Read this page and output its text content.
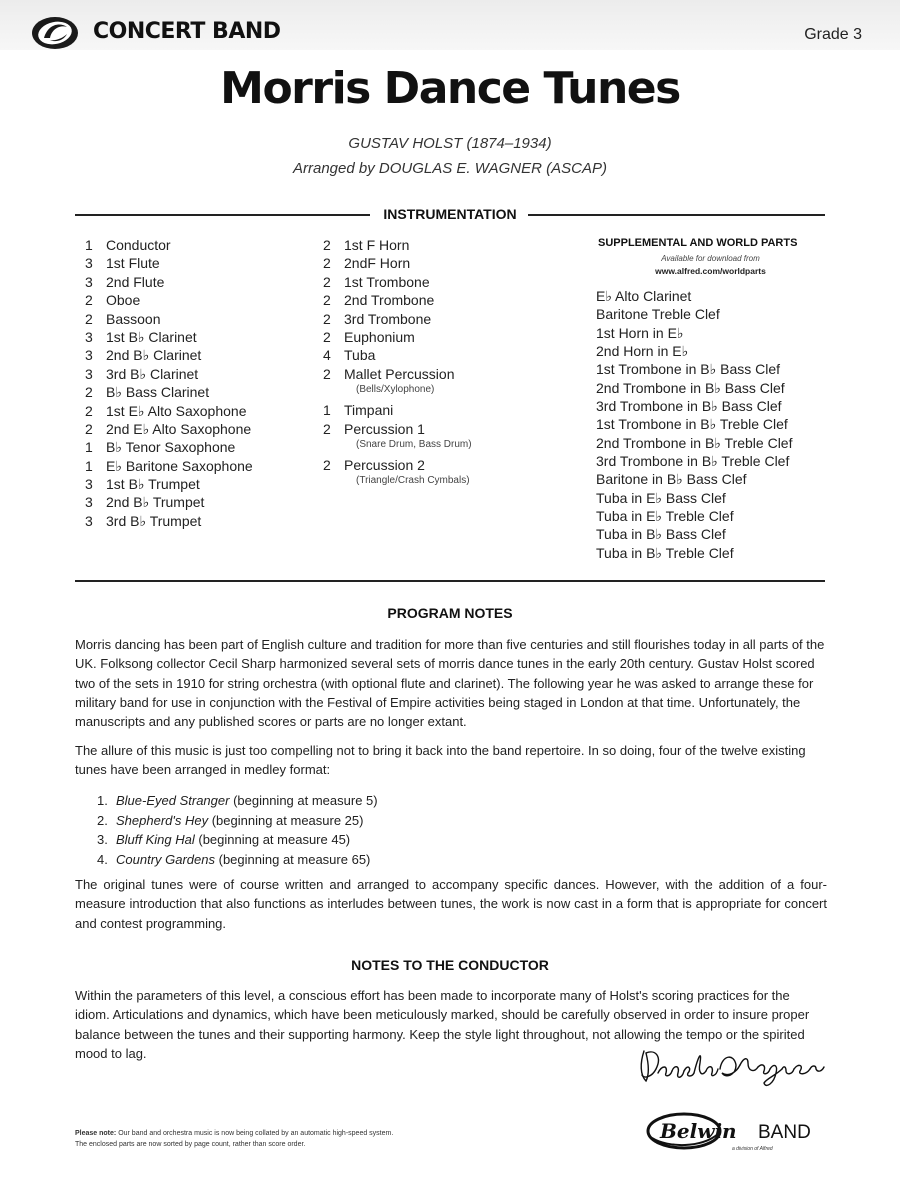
CONCERT BAND	Grade 3
Morris Dance Tunes
GUSTAV HOLST (1874–1934)
Arranged by DOUGLAS E. WAGNER (ASCAP)
INSTRUMENTATION
1 Conductor
3 1st Flute
3 2nd Flute
2 Oboe
2 Bassoon
3 1st B♭ Clarinet
3 2nd B♭ Clarinet
3 3rd B♭ Clarinet
2 B♭ Bass Clarinet
2 1st E♭ Alto Saxophone
2 2nd E♭ Alto Saxophone
1 B♭ Tenor Saxophone
1 E♭ Baritone Saxophone
3 1st B♭ Trumpet
3 2nd B♭ Trumpet
3 3rd B♭ Trumpet
2 1st F Horn
2 2ndF Horn
2 1st Trombone
2 2nd Trombone
2 3rd Trombone
2 Euphonium
4 Tuba
2 Mallet Percussion
(Bells/Xylophone)
1 Timpani
2 Percussion 1
(Snare Drum, Bass Drum)
2 Percussion 2
(Triangle/Crash Cymbals)
SUPPLEMENTAL AND WORLD PARTS
Available for download from
www.alfred.com/worldparts
E♭ Alto Clarinet
Baritone Treble Clef
1st Horn in E♭
2nd Horn in E♭
1st Trombone in B♭ Bass Clef
2nd Trombone in B♭ Bass Clef
3rd Trombone in B♭ Bass Clef
1st Trombone in B♭ Treble Clef
2nd Trombone in B♭ Treble Clef
3rd Trombone in B♭ Treble Clef
Baritone in B♭ Bass Clef
Tuba in E♭ Bass Clef
Tuba in E♭ Treble Clef
Tuba in B♭ Bass Clef
Tuba in B♭ Treble Clef
PROGRAM NOTES

Morris dancing has been part of English culture and tradition for more than five centuries and still flourishes today in all parts of the UK. Folksong collector Cecil Sharp harmonized several sets of morris dance tunes in the early 20th century. Gustav Holst scored two of the sets in 1910 for string orchestra (with optional flute and clarinet). The following year he was asked to arrange these for military band for use in conjunction with the Festival of Empire activities being staged in London at that time. Unfortunately, the manuscripts and any published scores or parts are no longer extant.

The allure of this music is just too compelling not to bring it back into the band repertoire. In so doing, four of the twelve existing tunes have been arranged in medley format:

1. Blue-Eyed Stranger (beginning at measure 5)
2. Shepherd's Hey (beginning at measure 25)
3. Bluff King Hal (beginning at measure 45)
4. Country Gardens (beginning at measure 65)

The original tunes were of course written and arranged to accompany specific dances. However, with the addition of a four-measure introduction that also functions as interludes between tunes, the work is now cast in a form that is appropriate for concert and contest programming.

NOTES TO THE CONDUCTOR

Within the parameters of this level, a conscious effort has been made to incorporate many of Holst's scoring practices for the idiom. Articulations and dynamics, which have been meticulously marked, should be carefully observed in order to insure proper balance between the tunes and their supporting harmony. Keep the style light throughout, not allowing the tempo or the spirited mood to lag.

Please note: Our band and orchestra music is now being collated by an automatic high-speed system.
The enclosed parts are now sorted by page count, rather than score order.
Belwin BAND
a division of Alfred
